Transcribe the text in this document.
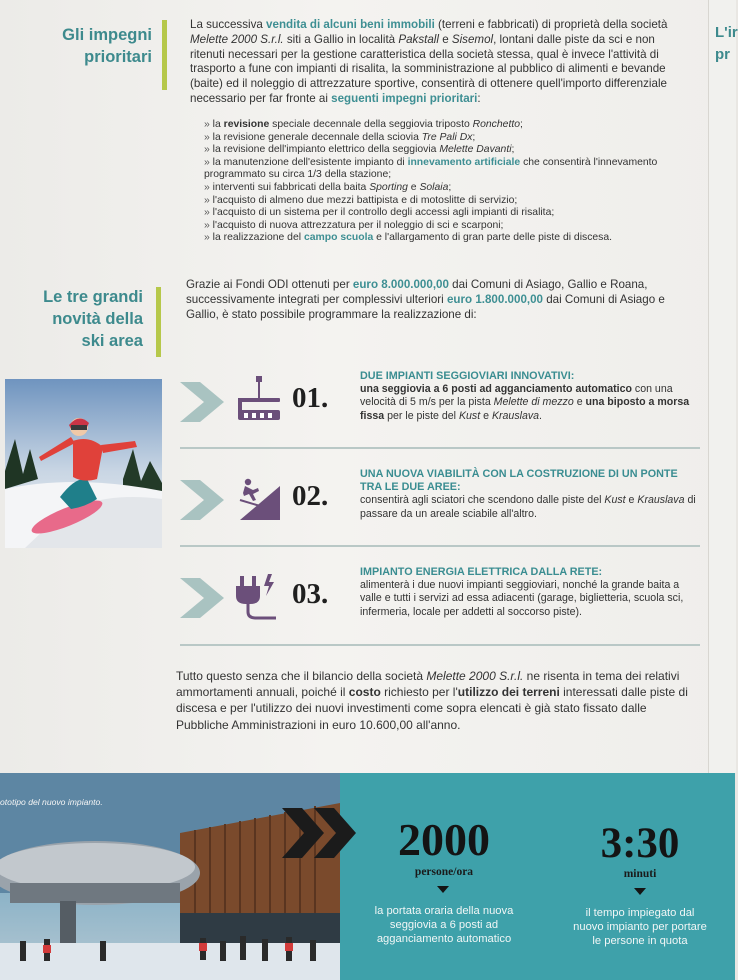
Gli impegni
prioritari
La successiva vendita di alcuni beni immobili (terreni e fabbricati) di proprietà della società Melette 2000 S.r.l. siti a Gallio in località Pakstall e Sisemol, lontani dalle piste da sci e non ritenuti necessari per la gestione caratteristica della società stessa, qual è invece l'attività di trasporto a fune con impianti di risalita, la somministrazione al pubblico di alimenti e bevande (baite) ed il noleggio di attrezzature sportive, consentirà di ottenere quell'importo differenziale necessario per far fronte ai seguenti impegni prioritari:
» la revisione speciale decennale della seggiovia triposto Ronchetto;
» la revisione generale decennale della sciovia Tre Pali Dx;
» la revisione dell'impianto elettrico della seggiovia Melette Davanti;
» la manutenzione dell'esistente impianto di innevamento artificiale che consentirà l'innevamento programmato su circa 1/3 della stazione;
» interventi sui fabbricati della baita Sporting e Solaia;
» l'acquisto di almeno due mezzi battipista e di motoslitte di servizio;
» l'acquisto di un sistema per il controllo degli accessi agli impianti di risalita;
» l'acquisto di nuova attrezzatura per il noleggio di sci e scarponi;
» la realizzazione del campo scuola e l'allargamento di gran parte delle piste di discesa.
Le tre grandi
novità della
ski area
Grazie ai Fondi ODI ottenuti per euro 8.000.000,00 dai Comuni di Asiago, Gallio e Roana, successivamente integrati per complessivi ulteriori euro 1.800.000,00 dai Comuni di Asiago e Gallio, è stato possibile programmare la realizzazione di:
01.
DUE IMPIANTI SEGGIOVIARI INNOVATIVI:
una seggiovia a 6 posti ad agganciamento automatico con una velocità di 5 m/s per la pista Melette di mezzo e una biposto a morsa fissa per le piste del Kust e Krauslava.
02.
UNA NUOVA VIABILITÀ CON LA COSTRUZIONE DI UN PONTE TRA LE DUE AREE:
consentirà agli sciatori che scendono dalle piste del Kust e Krauslava di passare da un areale sciabile all'altro.
03.
IMPIANTO ENERGIA ELETTRICA DALLA RETE:
alimenterà i due nuovi impianti seggioviari, nonché la grande baita a valle e tutti i servizi ad essa adiacenti (garage, biglietteria, scuola sci, infermeria, locale per addetti al soccorso piste).
Tutto questo senza che il bilancio della società Melette 2000 S.r.l. ne risenta in tema dei relativi ammortamenti annuali, poiché il costo richiesto per l'utilizzo dei terreni interessati dalle piste di discesa e per l'utilizzo dei nuovi investimenti come sopra elencati è già stato fissato dalle Pubbliche Amministrazioni in euro 10.600,00 all'anno.
L'ir
pr
ototipo del nuovo impianto.
2000
persone/ora
la portata oraria della nuova seggiovia a 6 posti ad agganciamento automatico
3:30
minuti
il tempo impiegato dal nuovo impianto per portare le persone in quota
